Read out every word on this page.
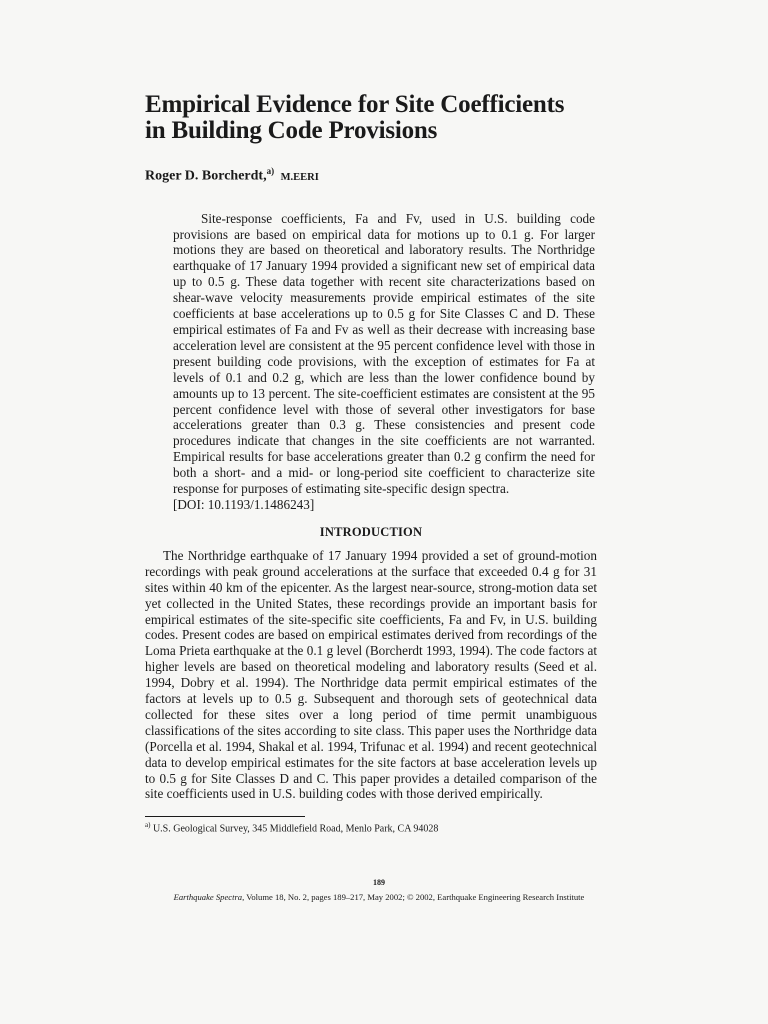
Empirical Evidence for Site Coefficients
in Building Code Provisions
Roger D. Borcherdt,$^{a)}$ M.EERI

Site-response coefficients, Fa and Fv, used in U.S. building code provisions are based on empirical data for motions up to 0.1 g. For larger motions they are based on theoretical and laboratory results. The Northridge earthquake of 17 January 1994 provided a significant new set of empirical data up to 0.5 g. These data together with recent site characterizations based on shear-wave velocity measurements provide empirical estimates of the site coefficients at base accelerations up to 0.5 g for Site Classes C and D. These empirical estimates of Fa and Fv as well as their decrease with increasing base acceleration level are consistent at the 95 percent confidence level with those in present building code provisions, with the exception of estimates for Fa at levels of 0.1 and 0.2 g, which are less than the lower confidence bound by amounts up to 13 percent. The site-coefficient estimates are consistent at the 95 percent confidence level with those of several other investigators for base accelerations greater than 0.3 g. These consistencies and present code procedures indicate that changes in the site coefficients are not warranted. Empirical results for base accelerations greater than 0.2 g confirm the need for both a short- and a mid- or long-period site coefficient to characterize site response for purposes of estimating site-specific design spectra.

[DOI: 10.1193/1.1486243]

INTRODUCTION

The Northridge earthquake of 17 January 1994 provided a set of ground-motion recordings with peak ground accelerations at the surface that exceeded 0.4 g for 31 sites within 40 km of the epicenter. As the largest near-source, strong-motion data set yet collected in the United States, these recordings provide an important basis for empirical estimates of the site-specific site coefficients, Fa and Fv, in U.S. building codes. Present codes are based on empirical estimates derived from recordings of the Loma Prieta earthquake at the 0.1 g level (Borcherdt 1993, 1994). The code factors at higher levels are based on theoretical modeling and laboratory results (Seed et al. 1994, Dobry et al. 1994). The Northridge data permit empirical estimates of the factors at levels up to 0.5 g. Subsequent and thorough sets of geotechnical data collected for these sites over a long period of time permit unambiguous classifications of the sites according to site class. This paper uses the Northridge data (Porcella et al. 1994, Shakal et al. 1994, Trifunac et al. 1994) and recent geotechnical data to develop empirical estimates for the site factors at base acceleration levels up to 0.5 g for Site Classes D and C. This paper provides a detailed comparison of the site coefficients used in U.S. building codes with those derived empirically.

$^{a)}$ U.S. Geological Survey, 345 Middlefield Road, Menlo Park, CA 94028
189
Earthquake Spectra, Volume 18, No. 2, pages 189–217, May 2002; © 2002, Earthquake Engineering Research Institute
